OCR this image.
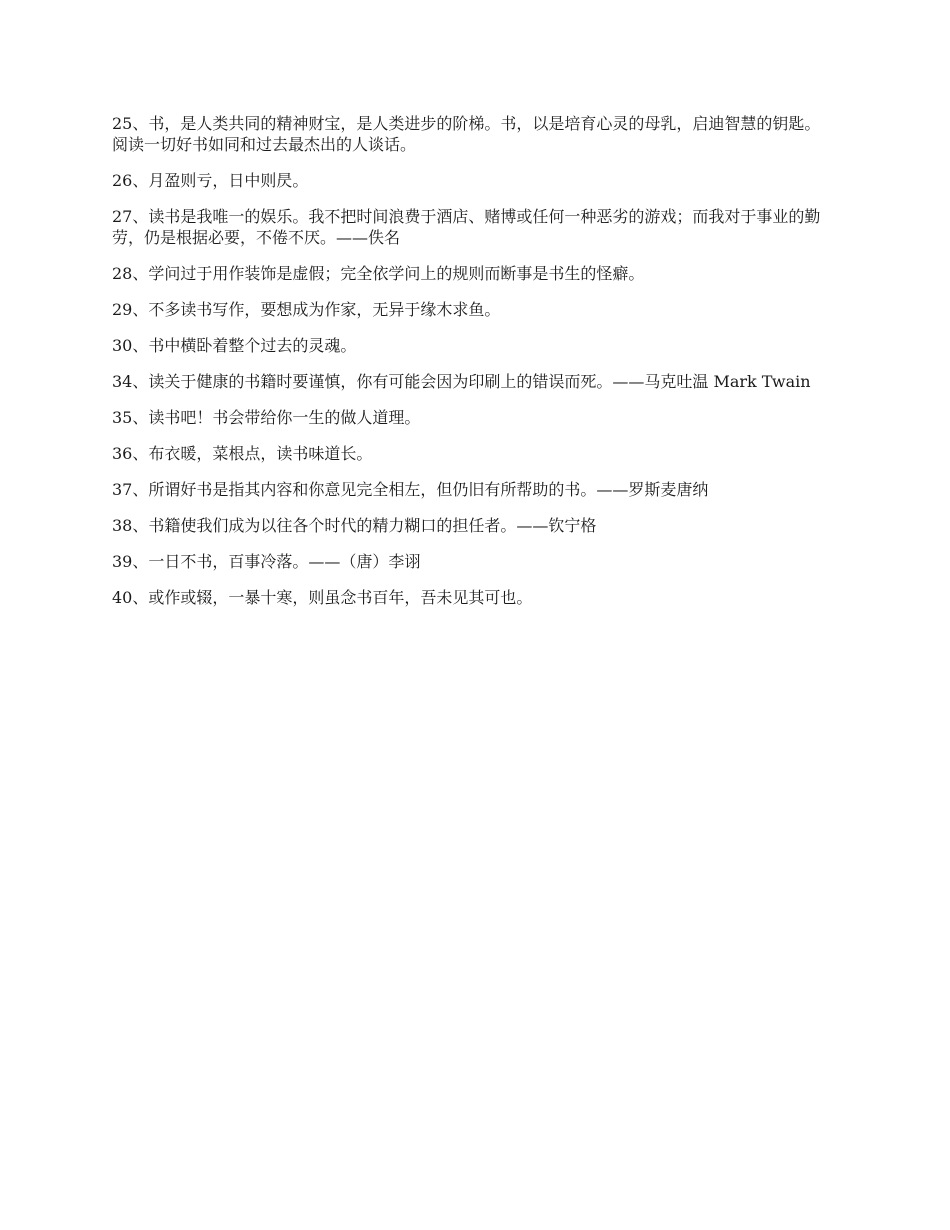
25、书，是人类共同的精神财宝，是人类进步的阶梯。书，以是培育心灵的母乳，启迪智慧的钥匙。阅读一切好书如同和过去最杰出的人谈话。

26、月盈则亏，日中则昃。

27、读书是我唯一的娱乐。我不把时间浪费于酒店、赌博或任何一种恶劣的游戏；而我对于事业的勤劳，仍是根据必要，不倦不厌。——佚名

28、学问过于用作装饰是虚假；完全依学问上的规则而断事是书生的怪癖。

29、不多读书写作，要想成为作家，无异于缘木求鱼。

30、书中横卧着整个过去的灵魂。

34、读关于健康的书籍时要谨慎，你有可能会因为印刷上的错误而死。——马克吐温 Mark Twain

35、读书吧！书会带给你一生的做人道理。

36、布衣暖，菜根点，读书味道长。

37、所谓好书是指其内容和你意见完全相左，但仍旧有所帮助的书。——罗斯麦唐纳

38、书籍使我们成为以往各个时代的精力糊口的担任者。——钦宁格

39、一日不书，百事冷落。——（唐）李诩

40、或作或辍，一暴十寒，则虽念书百年，吾未见其可也。
